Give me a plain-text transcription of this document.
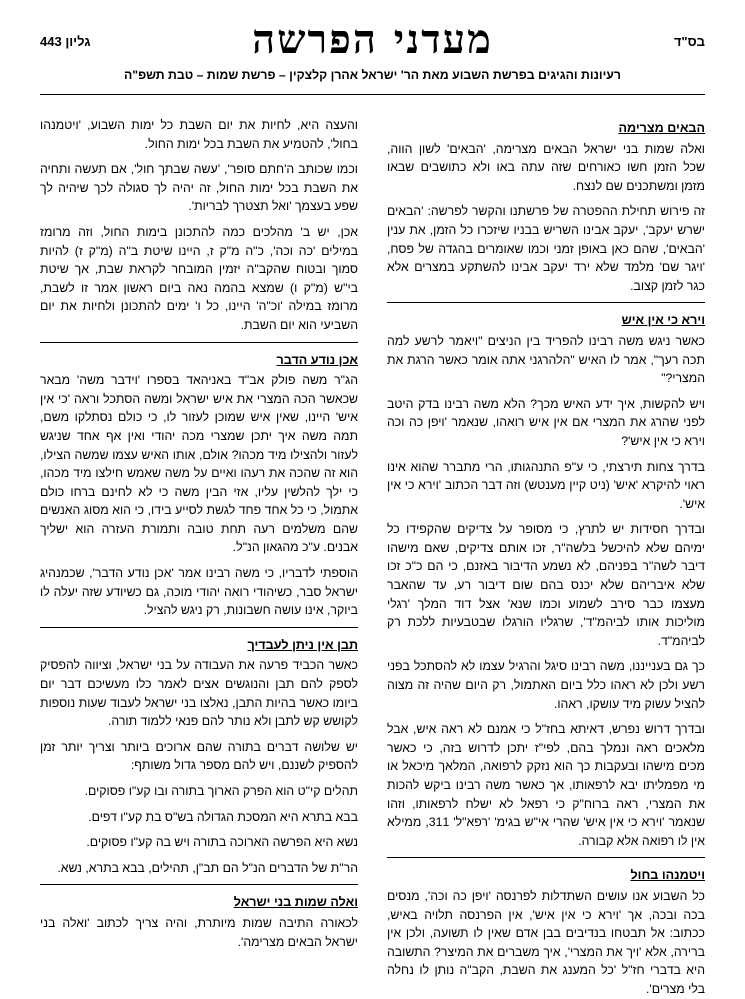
בס"ד
מעדני הפרשה
גליון 443
רעיונות והגיגים בפרשת השבוע מאת הר' ישראל אהרן קלצקין – פרשת שמות – טבת תשפ"ה
הבאים מצרימה

ואלה שמות בני ישראל הבאים מצרימה, 'הבאים' לשון הווה, שכל הזמן חשו כאורחים שזה עתה באו ולא כתושבים שבאו מזמן ומשתכנים שם לנצח.

זה פירוש תחילת ההפטרה של פרשתנו והקשר לפרשה: 'הבאים ישרש יעקב', יעקב אבינו השריש בבניו שיזכרו כל הזמן, את ענין 'הבאים', שהם כאן באופן זמני וכמו שאומרים בהגדה של פסח, 'ויגר שם' מלמד שלא ירד יעקב אבינו להשתקע במצרים אלא כגר לזמן קצוב.

וירא כי אין איש

כאשר ניגש משה רבינו להפריד בין הניצים "ויאמר לרשע למה תכה רעך", אמר לו האיש "הלהרגני אתה אומר כאשר הרגת את המצרי?"

ויש להקשות, איך ידע האיש מכך? הלא משה רבינו בדק היטב לפני שהרג את המצרי אם אין איש רואהו, שנאמר 'ויפן כה וכה וירא כי אין איש'?

בדרך צחות תירצתי, כי ע"פ התנהגותו, הרי מתברר שהוא אינו ראוי להיקרא 'איש' (ניט קיין מענטש) וזה דבר הכתוב 'וירא כי אין איש'.

ובדרך חסידות יש לתרץ, כי מסופר על צדיקים שהקפידו כל ימיהם שלא להיכשל בלשה"ר, זכו אותם צדיקים, שאם מישהו דיבר לשה"ר בפניהם, לא נשמע הדיבור באזנם, כי הם כ"כ זכו שלא איבריהם שלא יכנס בהם שום דיבור רע, עד שהאבר מעצמו כבר סירב לשמוע וכמו שנא' אצל דוד המלך 'רגלי מוליכות אותו לביהמ"ד', שרגליו הורגלו שבטבעיות ללכת רק לביהמ"ד.

כך גם בענייננו, משה רבינו סיגל והרגיל עצמו לא להסתכל בפני רשע ולכן לא ראהו כלל ביום האתמול, רק היום שהיה זה מצוה להציל עשוק מיד עושקו, ראהו.

ובדרך דרוש נפרש, דאיתא בחז"ל כי אמנם לא ראה איש, אבל מלאכים ראה ונמלך בהם, לפי"ז יתכן לדרוש בזה, כי כאשר מכים מישהו ובעקבות כך הוא נזקק לרפואה, המלאך מיכאל או מי מפמליתו יבא לרפאותו, אך כאשר משה רבינו ביקש להכות את המצרי, ראה ברוח"ק כי רפאל לא ישלח לרפאותו, וזהו שנאמר 'וירא כי אין איש' שהרי אי"ש בגימ' 'רפא"ל' 311, ממילא אין לו רפואה אלא קבורה.

ויטמנהו בחול

כל השבוע אנו עושים השתדלות לפרנסה 'ויפן כה וכה', מנסים בכה ובכה, אך 'וירא כי אין איש', אין הפרנסה תלויה באיש, ככתוב: אל תבטחו בנדיבים בבן אדם שאין לו תשועה, ולכן אין ברירה, אלא 'ויך את המצרי', איך משברים את המיצר? התשובה היא בדברי חז"ל 'כל המענג את השבת, הקב"ה נותן לו נחלה בלי מצרים'.

והעצה היא, לחיות את יום השבת כל ימות השבוע, 'ויטמנהו בחול', להטמיע את השבת בכל ימות החול.

וכמו שכותב ה'חתם סופר', 'עשה שבתך חול', אם תעשה ותחיה את השבת בכל ימות החול, זה יהיה לך סגולה לכך שיהיה לך שפע בעצמך 'ואל תצטרך לבריות'.

אכן, יש ב' מהלכים כמה להתכונן בימות החול, וזה מרומז במילים 'כה וכה', כ"ה מ"ק ז, היינו שיטת ב"ה (מ"ק ז) להיות סמוך ובטוח שהקב"ה יזמין המובחר לקראת שבת, אך שיטת בי"ש (מ"ק ו) שמצא בהמה נאה ביום ראשון אמר זו לשבת, מרומז במילה 'וכ"ה' היינו, כל ו' ימים להתכונן ולחיות את יום השביעי הוא יום השבת.

אכן נודע הדבר

הג"ר משה פולק אב"ד באניהאד בספרו 'וידבר משה' מבאר שכאשר הכה המצרי את איש ישראל ומשה הסתכל וראה 'כי אין איש' היינו, שאין איש שמוכן לעזור לו, כי כולם נסתלקו משם, תמה משה איך יתכן שמצרי מכה יהודי ואין אף אחד שניגש לעזור ולהצילו מיד מכהו? אולם, אותו האיש עצמו שמשה הצילו, הוא זה שהכה את רעהו ואיים על משה שאמש חילצו מיד מכהו, כי ילך להלשין עליו, אזי הבין משה כי לא לחינם ברחו כולם אתמול, כי כל אחד פחד לגשת לסייע בידו, כי הוא מסוג האנשים שהם משלמים רעה תחת טובה ותמורת העזרה הוא ישליך אבנים. ע"כ מהגאון הנ"ל.

הוספתי לדבריו, כי משה רבינו אמר 'אכן נודע הדבר', שכמנהיג ישראל סבר, כשיהודי רואה יהודי מוכה, גם כשיודע שזה יעלה לו ביוקר, אינו עושה חשבונות, רק ניגש להציל.

תבן אין ניתן לעבדיך

כאשר הכביד פרעה את העבודה על בני ישראל, וציווה להפסיק לספק להם תבן והנוגשים אצים לאמר כלו מעשיכם דבר יום ביומו כאשר בהיות התבן, נאלצו בני ישראל לעבוד שעות נוספות לקושש קש לתבן ולא נותר להם פנאי ללמוד תורה.

יש שלושה דברים בתורה שהם ארוכים ביותר וצריך יותר זמן להספיק לשננם, ויש להם מספר גדול משותף:

תהלים קי"ט הוא הפרק הארוך בתורה ובו קע"ו פסוקים.

בבא בתרא היא המסכת הגדולה בש"ס בת קע"ו דפים.

נשא היא הפרשה הארוכה בתורה ויש בה קע"ו פסוקים.

הר"ת של הדברים הנ"ל הם תב"ן, תהילים, בבא בתרא, נשא.

ואלה שמות בני ישראל

לכאורה התיבה שמות מיותרת, והיה צריך לכתוב 'ואלה בני ישראל הבאים מצרימה'.
